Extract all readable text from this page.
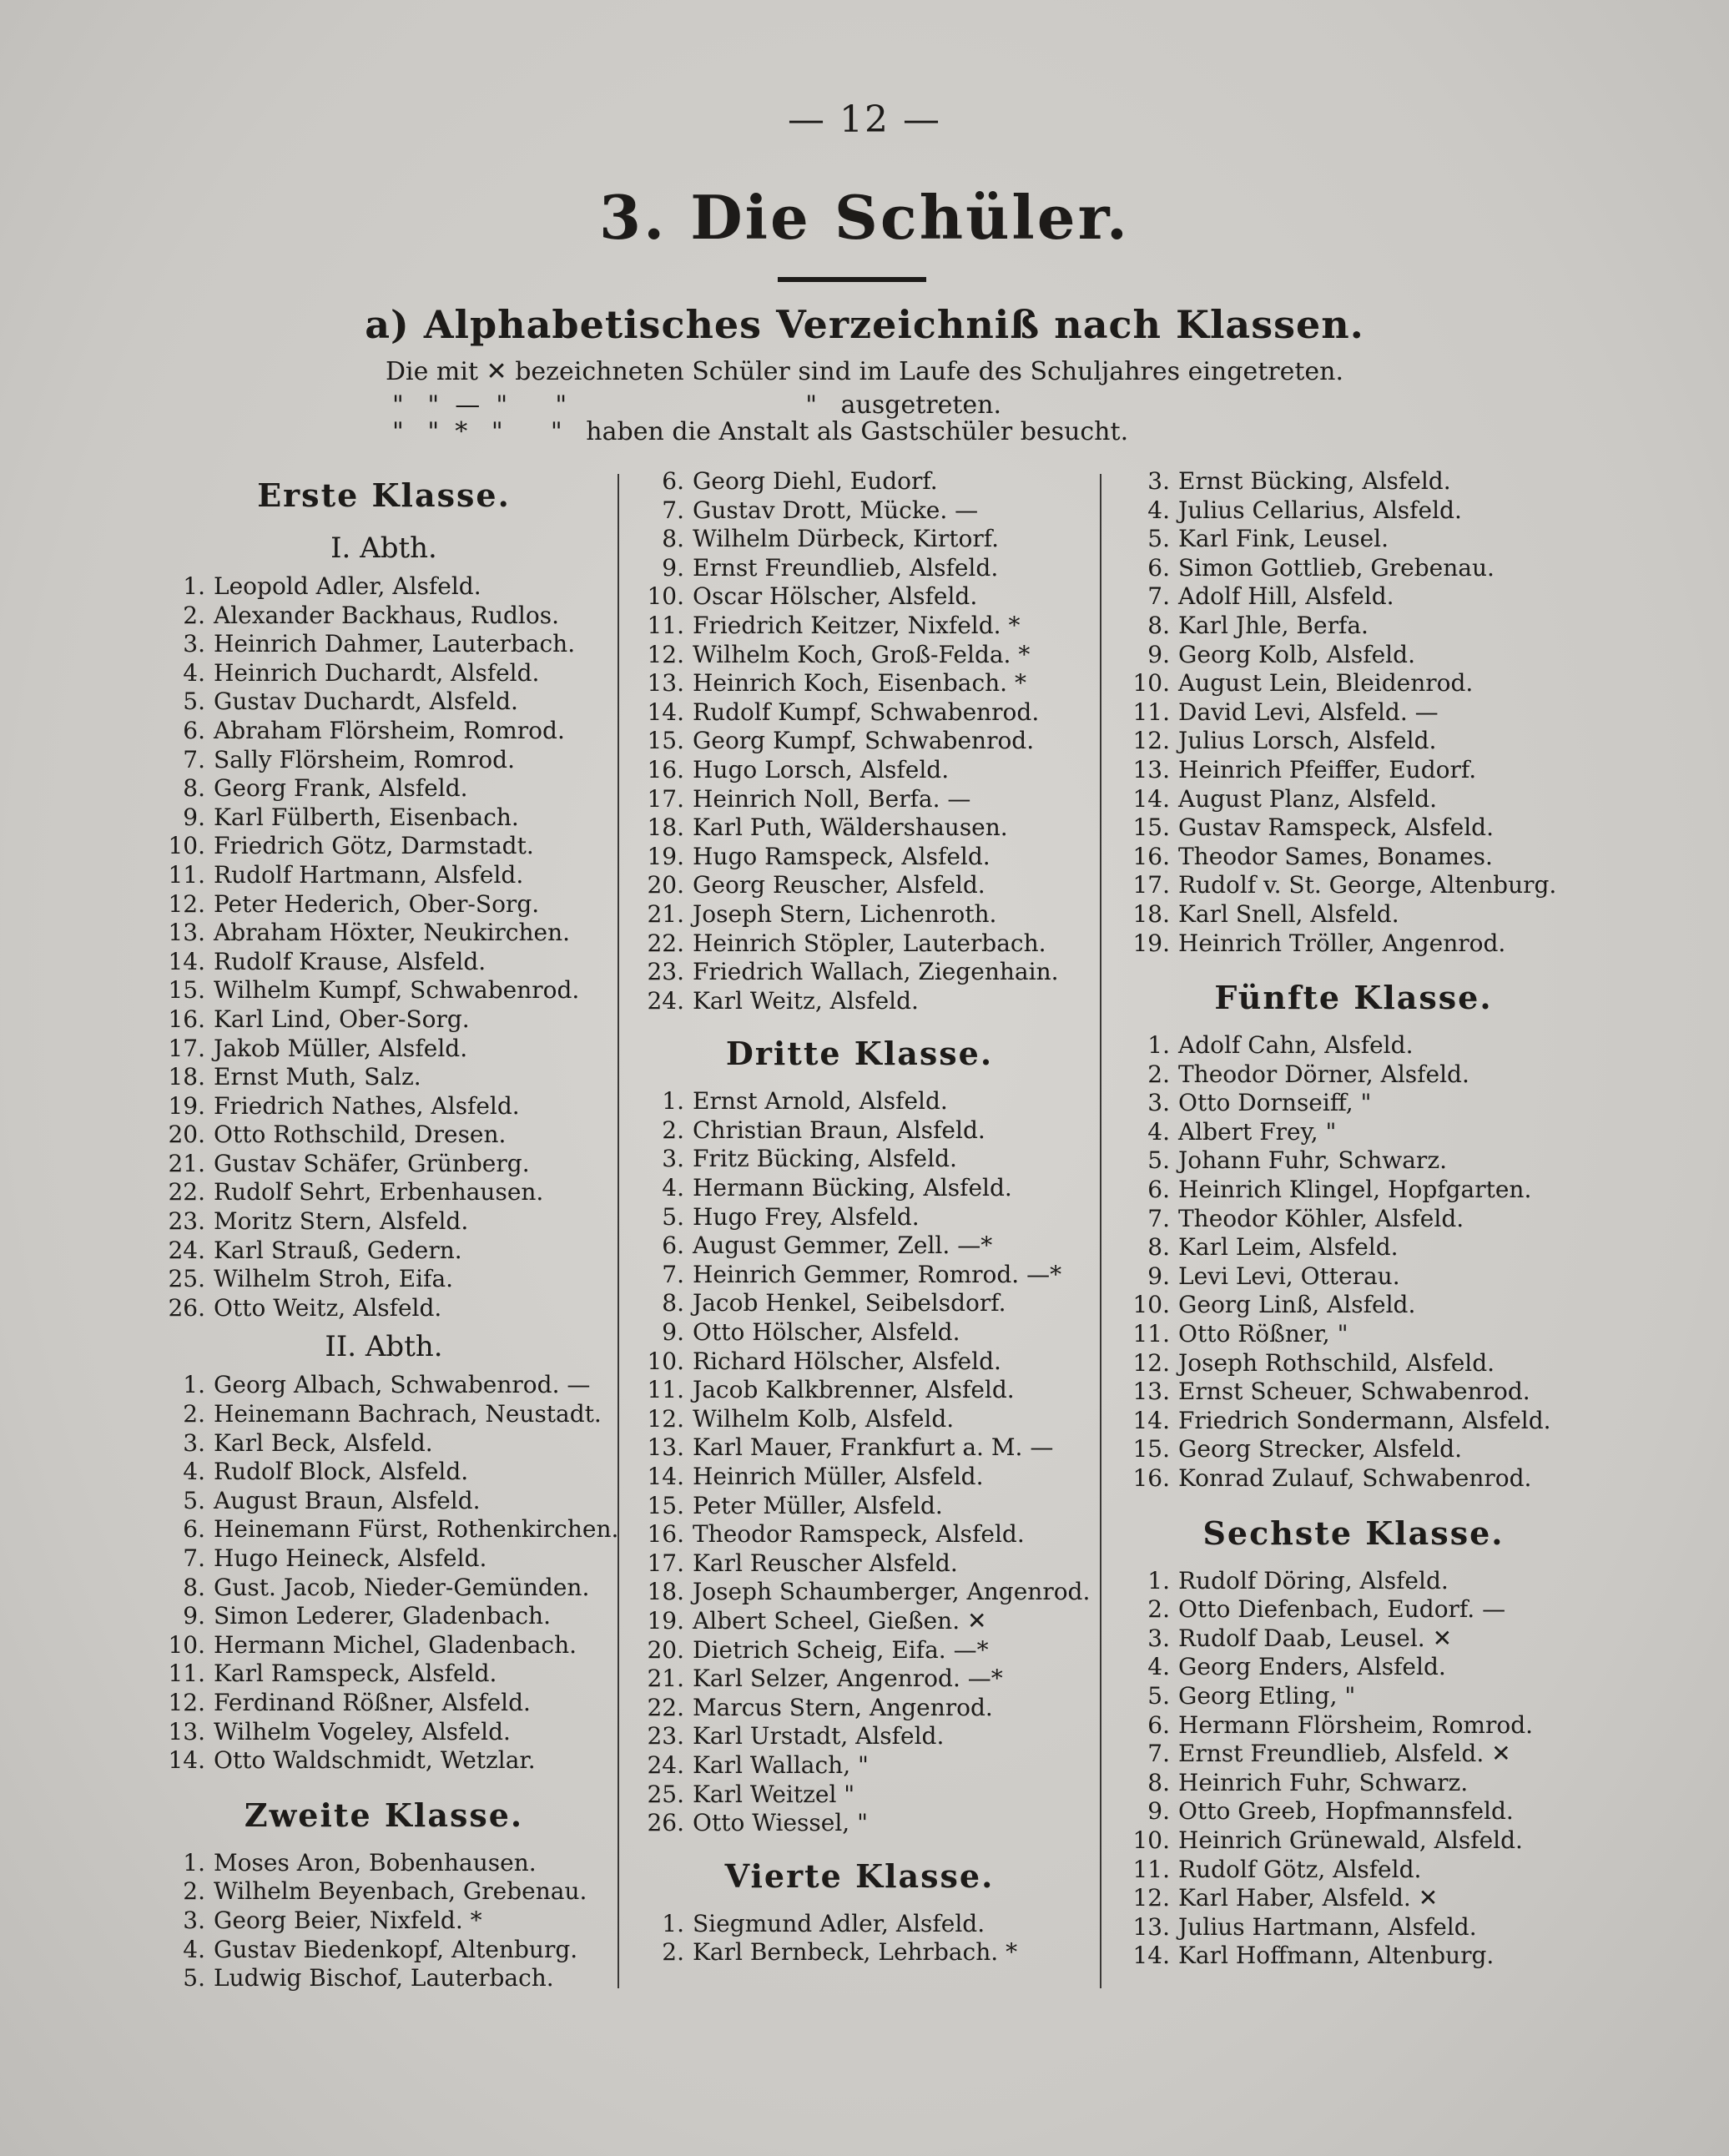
— 12 —
3. Die Schüler.
a) Alphabetisches Verzeichniß nach Klassen.
Die mit ✕ bezeichneten Schüler sind im Laufe des Schuljahres eingetreten.
"   "  —  "      "                              "   ausgetreten.
"   "  *   "      "   haben die Anstalt als Gastschüler besucht.
Erste Klasse.
I. Abth.
1. Leopold Adler, Alsfeld.
2. Alexander Backhaus, Rudlos.
3. Heinrich Dahmer, Lauterbach.
4. Heinrich Duchardt, Alsfeld.
5. Gustav Duchardt, Alsfeld.
6. Abraham Flörsheim, Romrod.
7. Sally Flörsheim, Romrod.
8. Georg Frank, Alsfeld.
9. Karl Fülberth, Eisenbach.
10. Friedrich Götz, Darmstadt.
11. Rudolf Hartmann, Alsfeld.
12. Peter Hederich, Ober-Sorg.
13. Abraham Höxter, Neukirchen.
14. Rudolf Krause, Alsfeld.
15. Wilhelm Kumpf, Schwabenrod.
16. Karl Lind, Ober-Sorg.
17. Jakob Müller, Alsfeld.
18. Ernst Muth, Salz.
19. Friedrich Nathes, Alsfeld.
20. Otto Rothschild, Dresen.
21. Gustav Schäfer, Grünberg.
22. Rudolf Sehrt, Erbenhausen.
23. Moritz Stern, Alsfeld.
24. Karl Strauß, Gedern.
25. Wilhelm Stroh, Eifa.
26. Otto Weitz, Alsfeld.
II. Abth.
1. Georg Albach, Schwabenrod. —
2. Heinemann Bachrach, Neustadt.
3. Karl Beck, Alsfeld.
4. Rudolf Block, Alsfeld.
5. August Braun, Alsfeld.
6. Heinemann Fürst, Rothenkirchen.
7. Hugo Heineck, Alsfeld.
8. Gust. Jacob, Nieder-Gemünden.
9. Simon Lederer, Gladenbach.
10. Hermann Michel, Gladenbach.
11. Karl Ramspeck, Alsfeld.
12. Ferdinand Rößner, Alsfeld.
13. Wilhelm Vogeley, Alsfeld.
14. Otto Waldschmidt, Wetzlar.
Zweite Klasse.
1. Moses Aron, Bobenhausen.
2. Wilhelm Beyenbach, Grebenau.
3. Georg Beier, Nixfeld. *
4. Gustav Biedenkopf, Altenburg.
5. Ludwig Bischof, Lauterbach.
6. Georg Diehl, Eudorf.
7. Gustav Drott, Mücke. —
8. Wilhelm Dürbeck, Kirtorf.
9. Ernst Freundlieb, Alsfeld.
10. Oscar Hölscher, Alsfeld.
11. Friedrich Keitzer, Nixfeld. *
12. Wilhelm Koch, Groß-Felda. *
13. Heinrich Koch, Eisenbach. *
14. Rudolf Kumpf, Schwabenrod.
15. Georg Kumpf, Schwabenrod.
16. Hugo Lorsch, Alsfeld.
17. Heinrich Noll, Berfa. —
18. Karl Puth, Wäldershausen.
19. Hugo Ramspeck, Alsfeld.
20. Georg Reuscher, Alsfeld.
21. Joseph Stern, Lichenroth.
22. Heinrich Stöpler, Lauterbach.
23. Friedrich Wallach, Ziegenhain.
24. Karl Weitz, Alsfeld.
Dritte Klasse.
1. Ernst Arnold, Alsfeld.
2. Christian Braun, Alsfeld.
3. Fritz Bücking, Alsfeld.
4. Hermann Bücking, Alsfeld.
5. Hugo Frey, Alsfeld.
6. August Gemmer, Zell. —*
7. Heinrich Gemmer, Romrod. —*
8. Jacob Henkel, Seibelsdorf.
9. Otto Hölscher, Alsfeld.
10. Richard Hölscher, Alsfeld.
11. Jacob Kalkbrenner, Alsfeld.
12. Wilhelm Kolb, Alsfeld.
13. Karl Mauer, Frankfurt a. M. —
14. Heinrich Müller, Alsfeld.
15. Peter Müller, Alsfeld.
16. Theodor Ramspeck, Alsfeld.
17. Karl Reuscher Alsfeld.
18. Joseph Schaumberger, Angenrod.
19. Albert Scheel, Gießen. ✕
20. Dietrich Scheig, Eifa. —*
21. Karl Selzer, Angenrod. —*
22. Marcus Stern, Angenrod.
23. Karl Urstadt, Alsfeld.
24. Karl Wallach, "
25. Karl Weitzel "
26. Otto Wiessel, "
Vierte Klasse.
1. Siegmund Adler, Alsfeld.
2. Karl Bernbeck, Lehrbach. *
3. Ernst Bücking, Alsfeld.
4. Julius Cellarius, Alsfeld.
5. Karl Fink, Leusel.
6. Simon Gottlieb, Grebenau.
7. Adolf Hill, Alsfeld.
8. Karl Jhle, Berfa.
9. Georg Kolb, Alsfeld.
10. August Lein, Bleidenrod.
11. David Levi, Alsfeld. —
12. Julius Lorsch, Alsfeld.
13. Heinrich Pfeiffer, Eudorf.
14. August Planz, Alsfeld.
15. Gustav Ramspeck, Alsfeld.
16. Theodor Sames, Bonames.
17. Rudolf v. St. George, Altenburg.
18. Karl Snell, Alsfeld.
19. Heinrich Tröller, Angenrod.
Fünfte Klasse.
1. Adolf Cahn, Alsfeld.
2. Theodor Dörner, Alsfeld.
3. Otto Dornseiff, "
4. Albert Frey, "
5. Johann Fuhr, Schwarz.
6. Heinrich Klingel, Hopfgarten.
7. Theodor Köhler, Alsfeld.
8. Karl Leim, Alsfeld.
9. Levi Levi, Otterau.
10. Georg Linß, Alsfeld.
11. Otto Rößner, "
12. Joseph Rothschild, Alsfeld.
13. Ernst Scheuer, Schwabenrod.
14. Friedrich Sondermann, Alsfeld.
15. Georg Strecker, Alsfeld.
16. Konrad Zulauf, Schwabenrod.
Sechste Klasse.
1. Rudolf Döring, Alsfeld.
2. Otto Diefenbach, Eudorf. —
3. Rudolf Daab, Leusel. ✕
4. Georg Enders, Alsfeld.
5. Georg Etling, "
6. Hermann Flörsheim, Romrod.
7. Ernst Freundlieb, Alsfeld. ✕
8. Heinrich Fuhr, Schwarz.
9. Otto Greeb, Hopfmannsfeld.
10. Heinrich Grünewald, Alsfeld.
11. Rudolf Götz, Alsfeld.
12. Karl Haber, Alsfeld. ✕
13. Julius Hartmann, Alsfeld.
14. Karl Hoffmann, Altenburg.
